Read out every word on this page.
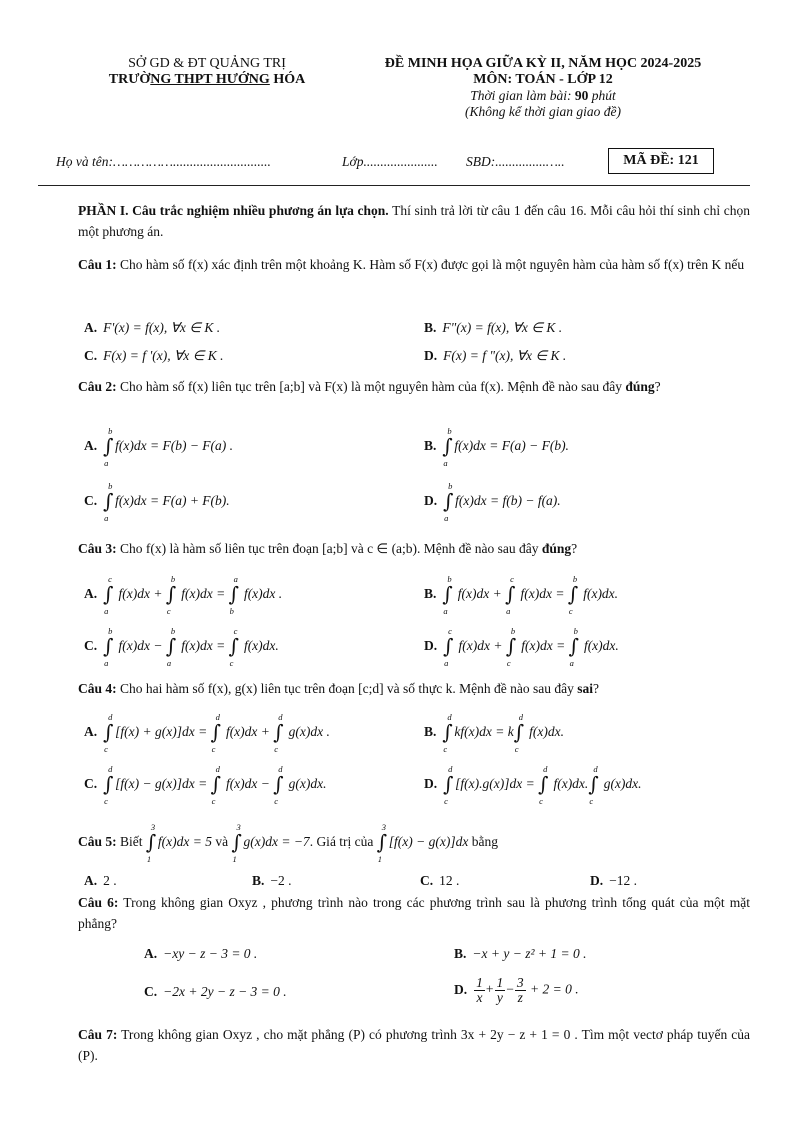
SỞ GD & ĐT QUẢNG TRỊ
TRƯỜNG THPT HƯỚNG HÓA
ĐỀ MINH HỌA GIỮA KỲ II, NĂM HỌC 2024-2025
MÔN: TOÁN - LỚP 12
Thời gian làm bài: 90 phút
(Không kể thời gian giao đề)
Họ và tên:…………….............................	Lớp...................... SBD:...............…..	MÃ ĐỀ: 121

PHẦN I. Câu trắc nghiệm nhiều phương án lựa chọn. Thí sinh trả lời từ câu 1 đến câu 16. Mỗi câu hỏi thí sinh chỉ chọn một phương án.

Câu 1: Cho hàm số f(x) xác định trên một khoảng K. Hàm số F(x) được gọi là một nguyên hàm của hàm số f(x) trên K nếu

A. F'(x) = f(x), ∀x ∈ K .	B. F"(x) = f(x), ∀x ∈ K .
C. F(x) = f '(x), ∀x ∈ K .	D. F(x) = f "(x), ∀x ∈ K .

Câu 2: Cho hàm số f(x) liên tục trên [a;b] và F(x) là một nguyên hàm của f(x). Mệnh đề nào sau đây đúng?

A. ∫
b
a
f(x)dx = F(b) − F(a) .	B. ∫
b
a
f(x)dx = F(a) − F(b).
C. ∫
b
a
f(x)dx = F(a) + F(b).	D. ∫
b
a
f(x)dx = f(b) − f(a).

Câu 3: Cho f(x) là hàm số liên tục trên đoạn [a;b] và c ∈ (a;b). Mệnh đề nào sau đây đúng?

A. ∫
c
a
f(x)dx + ∫
b
c
f(x)dx = ∫
a
b
f(x)dx .	B. ∫
b
a
f(x)dx + ∫
c
a
f(x)dx = ∫
b
c
f(x)dx.
C. ∫
b
a
f(x)dx − ∫
b
a
f(x)dx = ∫
c
c
f(x)dx.	D. ∫
c
a
f(x)dx + ∫
b
c
f(x)dx = ∫
b
a
f(x)dx.

Câu 4: Cho hai hàm số f(x), g(x) liên tục trên đoạn [c;d] và số thực k. Mệnh đề nào sau đây sai?

A. ∫
d
c
[f(x) + g(x)]dx = ∫
d
c
f(x)dx + ∫
d
c
g(x)dx .	B. ∫
d
c
kf(x)dx = k ∫
d
c
f(x)dx.
C. ∫
d
c
[f(x) − g(x)]dx = ∫
d
c
f(x)dx − ∫
d
c
g(x)dx.	D. ∫
d
c
[f(x).g(x)]dx = ∫
d
c
f(x)dx. ∫
d
c
g(x)dx.
Câu 5: Biết ∫
3
1
f(x)dx = 5 và ∫
3
1
g(x)dx = −7. Giá trị của ∫
3
1
[f(x) − g(x)]dx bằng
A. 2 .	B. −2 .	C. 12 .	D. −12 .

Câu 6: Trong không gian Oxyz , phương trình nào trong các phương trình sau là phương trình tổng quát của một mặt phẳng?

A. −xy − z − 3 = 0 .	B. −x + y − z² + 1 = 0 .
C. −2x + 2y − z − 3 = 0 .	D. $\frac{1}{x} + \frac{1}{y} - \frac{3}{z} + 2 = 0$ .

Câu 7: Trong không gian Oxyz , cho mặt phẳng (P) có phương trình 3x + 2y − z + 1 = 0 . Tìm một vectơ pháp tuyến của (P).
